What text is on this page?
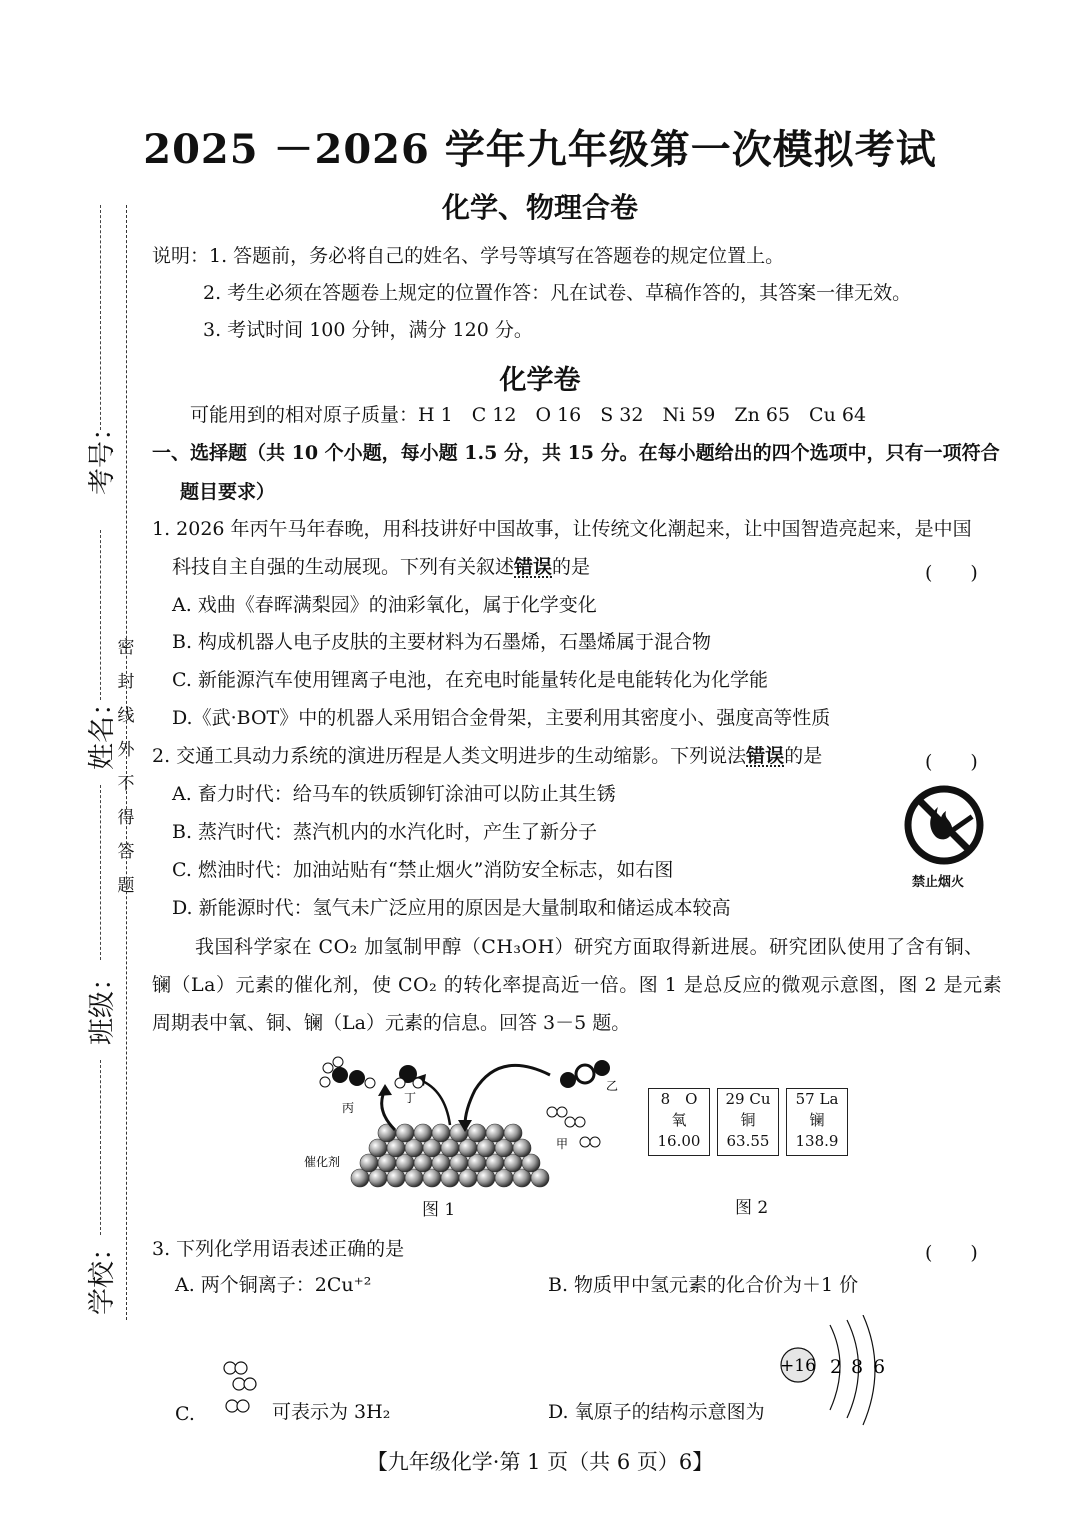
考号：
姓名：
班级：
学校：
密
封
线
外
不
得
答
题
2025 －2026 学年九年级第一次模拟考试
化学、物理合卷
说明：1. 答题前，务必将自己的姓名、学号等填写在答题卷的规定位置上。
2. 考生必须在答题卷上规定的位置作答：凡在试卷、草稿作答的，其答案一律无效。
3. 考试时间 100 分钟，满分 120 分。
化学卷
可能用到的相对原子质量：H 1　C 12　O 16　S 32　Ni 59　Zn 65　Cu 64
一、选择题（共 10 个小题，每小题 1.5 分，共 15 分。在每小题给出的四个选项中，只有一项符合
题目要求）
1. 2026 年丙午马年春晚，用科技讲好中国故事，让传统文化潮起来，让中国智造亮起来，是中国
科技自主自强的生动展现。下列有关叙述错误的是	(　　)
A. 戏曲《春晖满梨园》的油彩氧化，属于化学变化
B. 构成机器人电子皮肤的主要材料为石墨烯，石墨烯属于混合物
C. 新能源汽车使用锂离子电池，在充电时能量转化是电能转化为化学能
D.《武·BOT》中的机器人采用铝合金骨架，主要利用其密度小、强度高等性质
2. 交通工具动力系统的演进历程是人类文明进步的生动缩影。下列说法错误的是	(　　)
A. 畜力时代：给马车的铁质铆钉涂油可以防止其生锈
B. 蒸汽时代：蒸汽机内的水汽化时，产生了新分子
C. 燃油时代：加油站贴有“禁止烟火”消防安全标志，如右图
D. 新能源时代：氢气未广泛应用的原因是大量制取和储运成本较高
禁止烟火
我国科学家在 CO₂ 加氢制甲醇（CH₃OH）研究方面取得新进展。研究团队使用了含有铜、
镧（La）元素的催化剂，使 CO₂ 的转化率提高近一倍。图 1 是总反应的微观示意图，图 2 是元素
周期表中氧、铜、镧（La）元素的信息。回答 3－5 题。
丙
丁
乙
甲
催化剂
图 1
8　 O
氧
16.00
29 Cu
铜
63.55
57 La
镧
138.9
图 2
3. 下列化学用语表述正确的是	(　　)
A. 两个铜离子：2Cu⁺²	B. 物质甲中氢元素的化合价为＋1 价
C.	可表示为 3H₂	D. 氧原子的结构示意图为
+16 2 8 6
【九年级化学·第 1 页（共 6 页）6】
